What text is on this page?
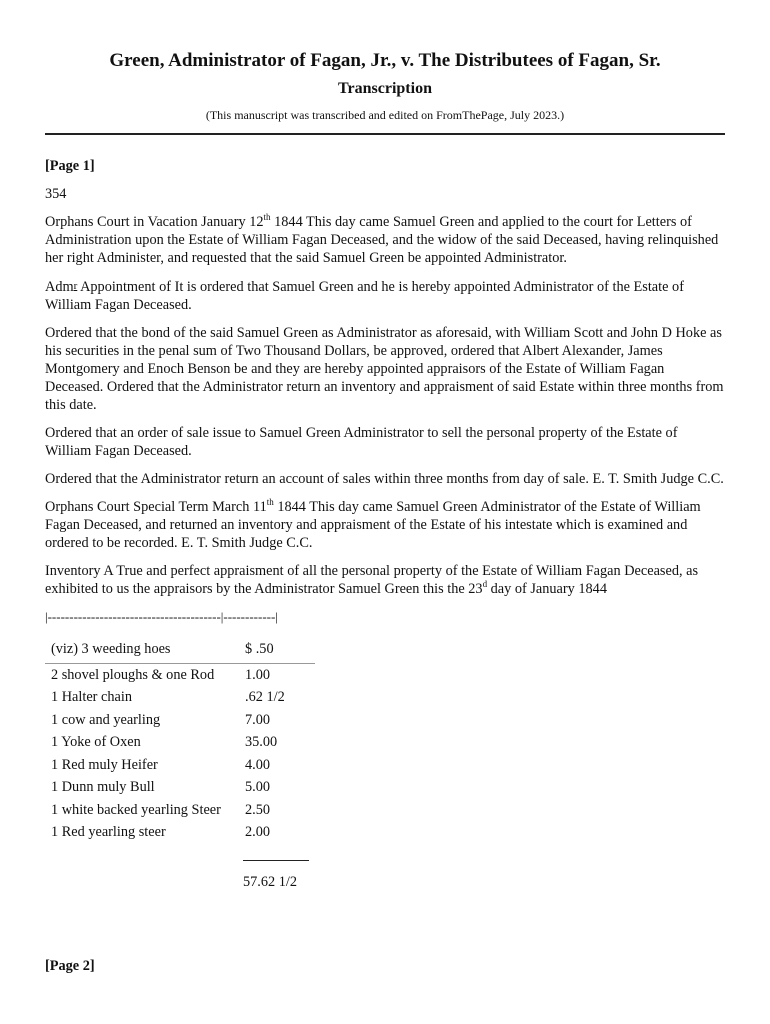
Green, Administrator of Fagan, Jr., v. The Distributees of Fagan, Sr.
Transcription
(This manuscript was transcribed and edited on FromThePage, July 2023.)

[Page 1]

354

Orphans Court in Vacation January 12th 1844 This day came Samuel Green and applied to the court for Letters of Administration upon the Estate of William Fagan Deceased, and the widow of the said Deceased, having relinquished her right Administer, and requested that the said Samuel Green be appointed Administrator.

Admr Appointment of It is ordered that Samuel Green and he is hereby appointed Administrator of the Estate of William Fagan Deceased.

Ordered that the bond of the said Samuel Green as Administrator as aforesaid, with William Scott and John D Hoke as his securities in the penal sum of Two Thousand Dollars, be approved, ordered that Albert Alexander, James Montgomery and Enoch Benson be and they are hereby appointed appraisors of the Estate of William Fagan Deceased. Ordered that the Administrator return an inventory and appraisment of said Estate within three months from this date.

Ordered that an order of sale issue to Samuel Green Administrator to sell the personal property of the Estate of William Fagan Deceased.

Ordered that the Administrator return an account of sales within three months from day of sale. E. T. Smith Judge C.C.

Orphans Court Special Term March 11th 1844 This day came Samuel Green Administrator of the Estate of William Fagan Deceased, and returned an inventory and appraisment of the Estate of his intestate which is examined and ordered to be recorded. E. T. Smith Judge C.C.

Inventory A True and perfect appraisment of all the personal property of the Estate of William Fagan Deceased, as exhibited to us the appraisors by the Administrator Samuel Green this the 23$^d$ day of January 1844

|----------------------------------------|------------|
(viz) 3 weeding hoes	$ .50
2 shovel ploughs & one Rod	1.00
1 Halter chain	.62 1/2
1 cow and yearling	7.00
1 Yoke of Oxen	35.00
1 Red muly Heifer	4.00
1 Dunn muly Bull	5.00
1 white backed yearling Steer	2.50
1 Red yearling steer	2.00
57.62 1/2
[Page 2]
